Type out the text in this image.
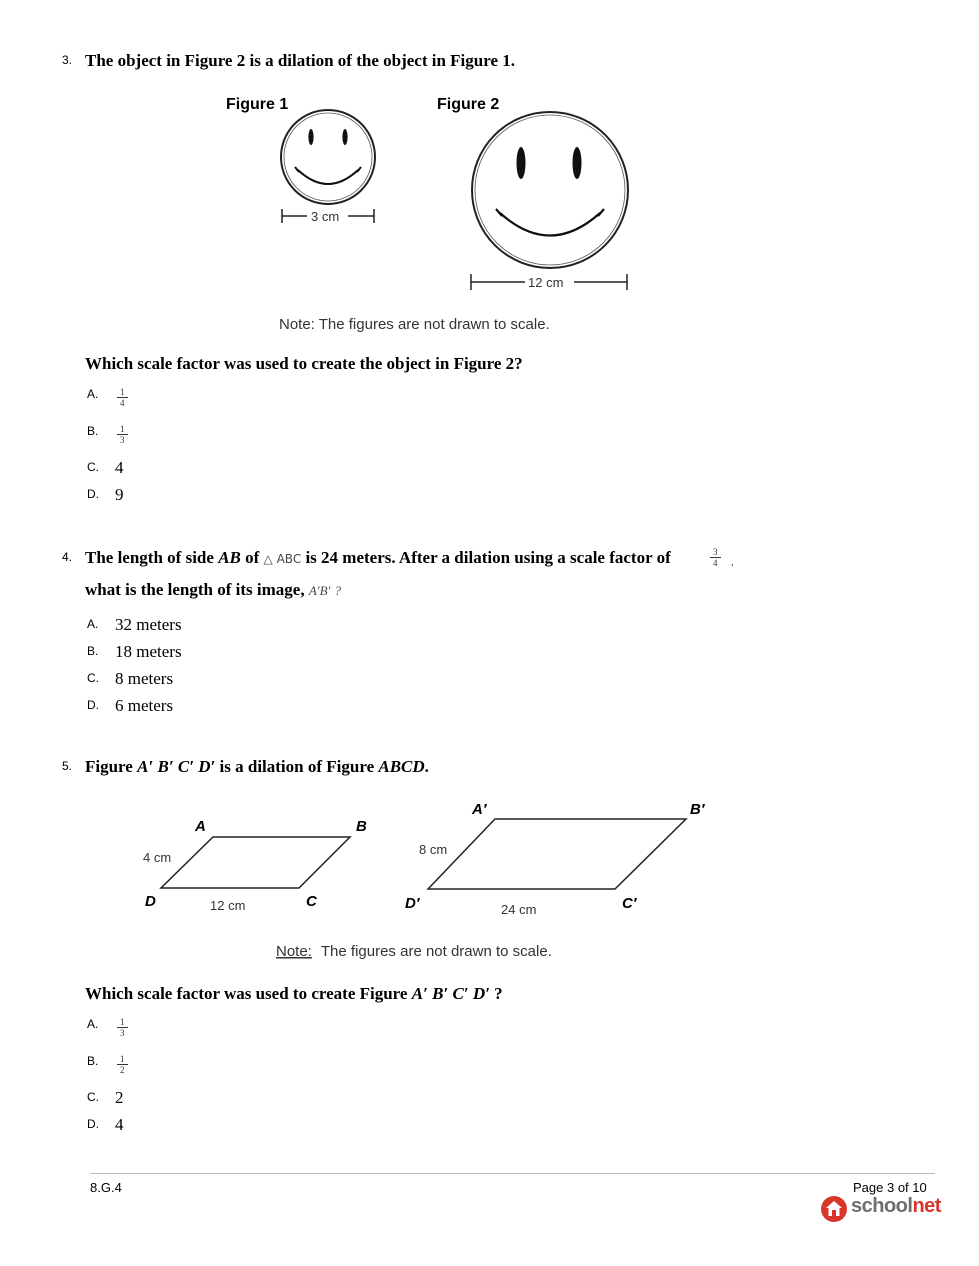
3. The object in Figure 2 is a dilation of the object in Figure 1.
Figure 1	Figure 2
3 cm
12 cm
Note: The figures are not drawn to scale.
Which scale factor was used to create the object in Figure 2?
A. $\frac{1}{4}$
B. $\frac{1}{3}$
C. 4
D. 9
4. The length of side AB of △ ABC is 24 meters. After a dilation using a scale factor of	$\frac{3}{4}$ ,
what is the length of its image, A′B′ ?
A. 32 meters
B. 18 meters
C. 8 meters
D. 6 meters
5. Figure A′ B′ C′ D′ is a dilation of Figure ABCD.
A	B
C
D
4 cm
12 cm
A′	B′
C′
D′
8 cm
24 cm
Note: The figures are not drawn to scale.
Which scale factor was used to create Figure A′ B′ C′ D′ ?
A. $\frac{1}{3}$
B. $\frac{1}{2}$
C. 2
D. 4
8.G.4	Page 3 of 10
schoolnet
